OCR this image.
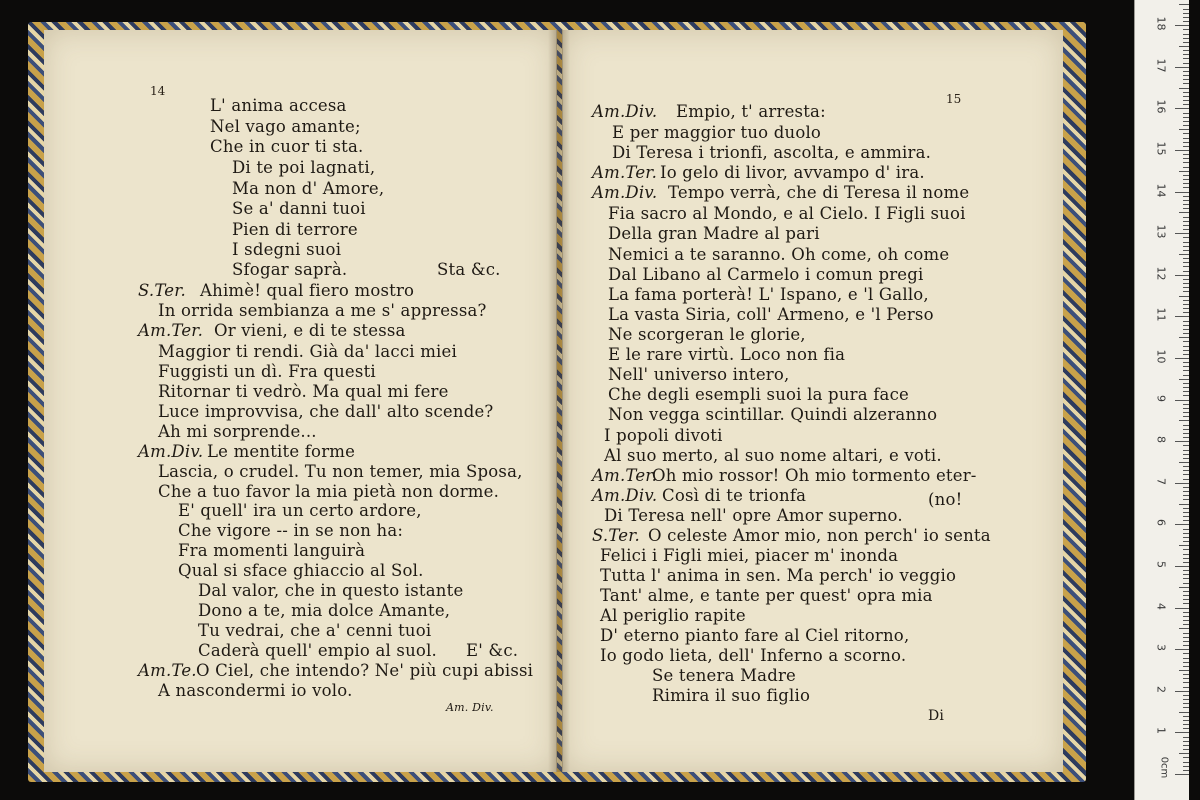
14
15
L' anima accesa
Nel vago amante;
Che in cuor ti sta.
Di te poi lagnati,
Ma non d' Amore,
Se a' danni tuoi
Pien di terrore
I sdegni suoi
Sfogar saprà.	Sta &c.
S.Ter. Ahimè! qual fiero mostro
In orrida sembianza a me s' appressa?
Am.Ter. Or vieni, e di te stessa
Maggior ti rendi. Già da' lacci miei
Fuggisti un dì. Fra questi
Ritornar ti vedrò. Ma qual mi fere
Luce improvvisa, che dall' alto scende?
Ah mi sorprende...
Am.Div. Le mentite forme
Lascia, o crudel. Tu non temer, mia Sposa,
Che a tuo favor la mia pietà non dorme.
E' quell' ira un certo ardore,
Che vigore -- in se non ha:
Fra momenti languirà
Qual si sface ghiaccio al Sol.
Dal valor, che in questo istante
Dono a te, mia dolce Amante,
Tu vedrai, che a' cenni tuoi
Caderà quell' empio al suol. E' &c.
Am.Te. O Ciel, che intendo? Ne' più cupi abissi
A nascondermi io volo.
Am.Div. Empio, t' arresta:
E per maggior tuo duolo
Di Teresa i trionfi, ascolta, e ammira.
Am.Ter. Io gelo di livor, avvampo d' ira.
Am.Div. Tempo verrà, che di Teresa il nome
Fia sacro al Mondo, e al Cielo. I Figli suoi
Della gran Madre al pari
Nemici a te saranno. Oh come, oh come
Dal Libano al Carmelo i comun pregi
La fama porterà! L' Ispano, e 'l Gallo,
La vasta Siria, coll' Armeno, e 'l Perso
Ne scorgeran le glorie,
E le rare virtù. Loco non fia
Nell' universo intero,
Che degli esempli suoi la pura face
Non vegga scintillar. Quindi alzeranno
I popoli divoti
Al suo merto, al suo nome altari, e voti.
Am.Ter.
Oh mio rossor! Oh mio tormento eter-
Am.Div. Così di te trionfa	(no!
Di Teresa nell' opre Amor superno.
S.Ter. O celeste Amor mio, non perch' io senta
Felici i Figli miei, piacer m' inonda
Tutta l' anima in sen. Ma perch' io veggio
Tant' alme, e tante per quest' opra mia
Al periglio rapite
D' eterno pianto fare al Ciel ritorno,
Io godo lieta, dell' Inferno a scorno.
Se tenera Madre
Rimira il suo figlio
Am. Div.
Di
0cm
1
2
3
4
5
6
7
8
9
10
11
12
13
14
15
16
17
18
